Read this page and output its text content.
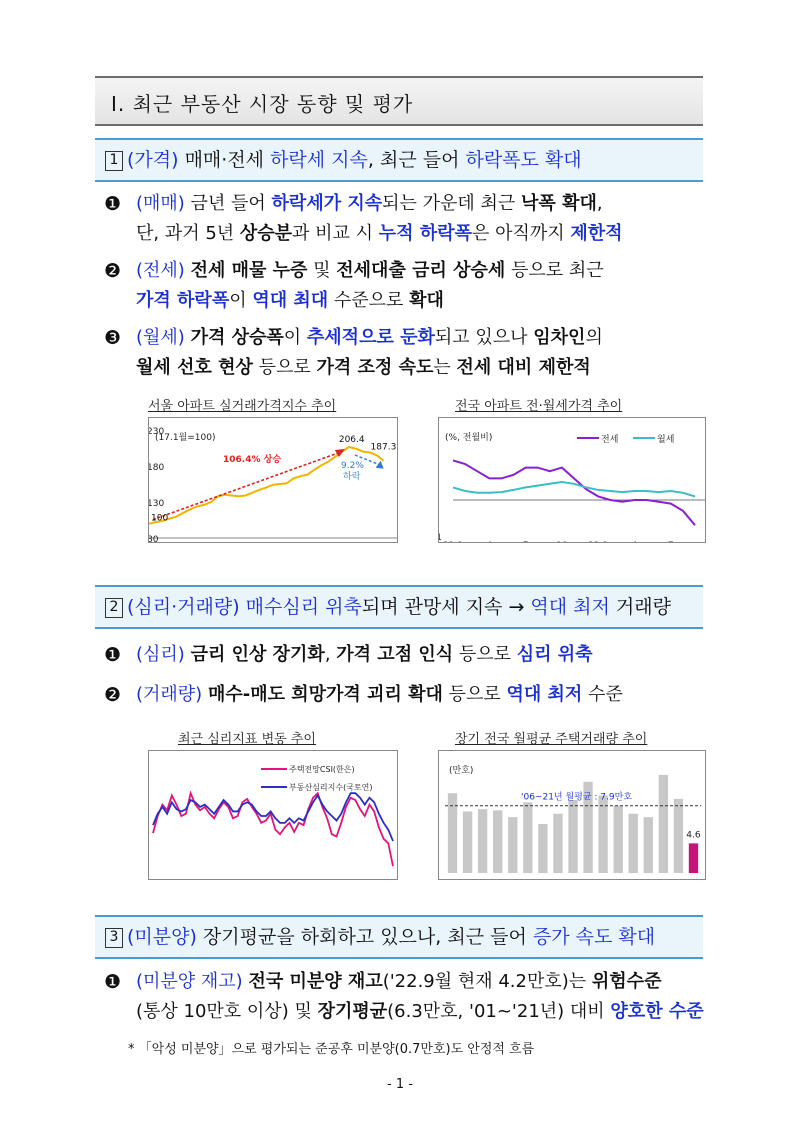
Ⅰ. 최근 부동산 시장 동향 및 평가
1 (가격) 매매·전세 하락세 지속, 최근 들어 하락폭도 확대
❶ (매매) 금년 들어 하락세가 지속되는 가운데 최근 낙폭 확대,
단, 과거 5년 상승분과 비교 시 누적 하락폭은 아직까지 제한적
❷ (전세) 전세 매물 누증 및 전세대출 금리 상승세 등으로 최근
가격 하락폭이 역대 최대 수준으로 확대
❸ (월세) 가격 상승폭이 추세적으로 둔화되고 있으나 임차인의
월세 선호 현상 등으로 가격 조정 속도는 전세 대비 제한적
서울 아파트 실거래가격지수 추이
80
130
180
230
(17.1월=100)
100
206.4
187.3
106.4% 상승
9.2%
하락
전국 아파트 전·월세가격 추이
1
(%, 전월비)	전세	월세
2 (심리·거래량) 매수심리 위축되며 관망세 지속 → 역대 최저 거래량
❶ (심리) 금리 인상 장기화, 가격 고점 인식 등으로 심리 위축
❷ (거래량) 매수-매도 희망가격 괴리 확대 등으로 역대 최저 수준
최근 심리지표 변동 추이
주택전망CSI(한은)
부동산심리지수(국토연)
장기 전국 월평균 주택거래량 추이
(만호)
'06~21년 월평균 : 7.9만호
4.6
3 (미분양) 장기평균을 하회하고 있으나, 최근 들어 증가 속도 확대
❶ (미분양 재고) 전국 미분양 재고('22.9월 현재 4.2만호)는 위험수준
(통상 10만호 이상) 및 장기평균(6.3만호, '01~'21년) 대비 양호한 수준
* 「악성 미분양」으로 평가되는 준공후 미분양(0.7만호)도 안정적 흐름
- 1 -
